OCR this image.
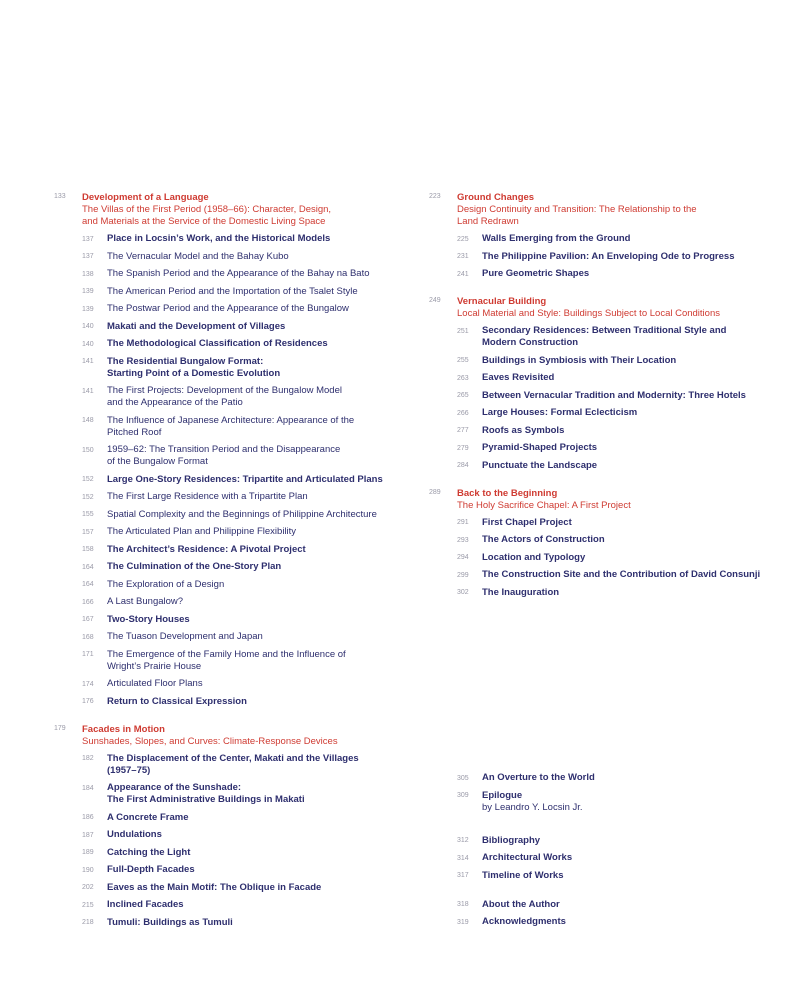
133	Development of a Language
The Villas of the First Period (1958–66): Character, Design,
and Materials at the Service of the Domestic Living Space
137	Place in Locsin’s Work, and the Historical Models
137	The Vernacular Model and the Bahay Kubo
138	The Spanish Period and the Appearance of the Bahay na Bato
139	The American Period and the Importation of the Tsalet Style
139	The Postwar Period and the Appearance of the Bungalow
140	Makati and the Development of Villages
140	The Methodological Classification of Residences
141	The Residential Bungalow Format:
Starting Point of a Domestic Evolution
141	The First Projects: Development of the Bungalow Model
and the Appearance of the Patio
148	The Influence of Japanese Architecture: Appearance of the
Pitched Roof
150	1959–62: The Transition Period and the Disappearance
of the Bungalow Format
152	Large One-Story Residences: Tripartite and Articulated Plans
152	The First Large Residence with a Tripartite Plan
155	Spatial Complexity and the Beginnings of Philippine Architecture
157	The Articulated Plan and Philippine Flexibility
158	The Architect’s Residence: A Pivotal Project
164	The Culmination of the One-Story Plan
164	The Exploration of a Design
166	A Last Bungalow?
167	Two-Story Houses
168	The Tuason Development and Japan
171	The Emergence of the Family Home and the Influence of
Wright’s Prairie House
174	Articulated Floor Plans
176	Return to Classical Expression
179	Facades in Motion
Sunshades, Slopes, and Curves: Climate-Response Devices
182	The Displacement of the Center, Makati and the Villages
(1957–75)
184	Appearance of the Sunshade:
The First Administrative Buildings in Makati
186	A Concrete Frame
187	Undulations
189	Catching the Light
190	Full-Depth Facades
202	Eaves as the Main Motif: The Oblique in Facade
215	Inclined Facades
218	Tumuli: Buildings as Tumuli
223	Ground Changes
Design Continuity and Transition: The Relationship to the
Land Redrawn
225	Walls Emerging from the Ground
231	The Philippine Pavilion: An Enveloping Ode to Progress
241	Pure Geometric Shapes
249	Vernacular Building
Local Material and Style: Buildings Subject to Local Conditions
251	Secondary Residences: Between Traditional Style and
Modern Construction
255	Buildings in Symbiosis with Their Location
263	Eaves Revisited
265	Between Vernacular Tradition and Modernity: Three Hotels
266	Large Houses: Formal Eclecticism
277	Roofs as Symbols
279	Pyramid-Shaped Projects
284	Punctuate the Landscape
289	Back to the Beginning
The Holy Sacrifice Chapel: A First Project
291	First Chapel Project
293	The Actors of Construction
294	Location and Typology
299	The Construction Site and the Contribution of David Consunji
302	The Inauguration
305	An Overture to the World
309	Epilogue
by Leandro Y. Locsin Jr.
312	Bibliography
314	Architectural Works
317	Timeline of Works
318	About the Author
319	Acknowledgments
